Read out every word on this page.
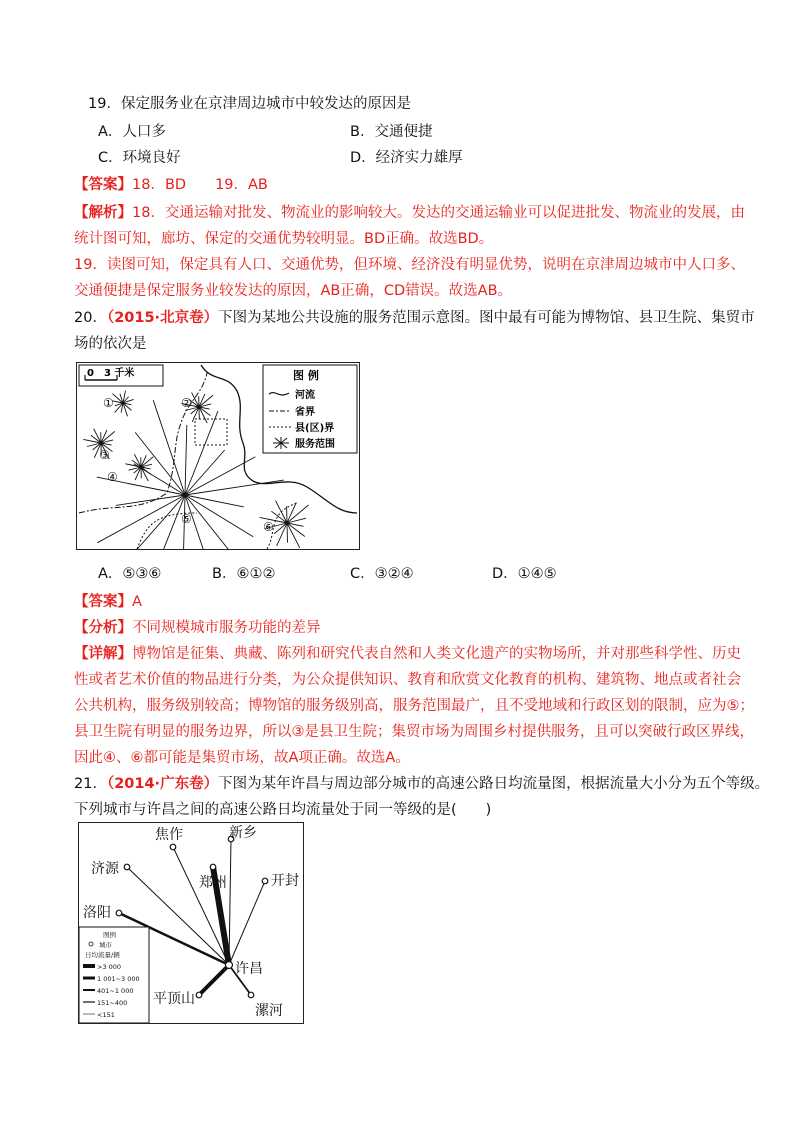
19．保定服务业在京津周边城市中较发达的原因是
A．人口多	B．交通便捷
C．环境良好	D．经济实力雄厚
【答案】18．BD　　19．AB
【解析】18．交通运输对批发、物流业的影响较大。发达的交通运输业可以促进批发、物流业的发展，由
统计图可知，廊坊、保定的交通优势较明显。BD正确。故选BD。
19．读图可知，保定具有人口、交通优势，但环境、经济没有明显优势，说明在京津周边城市中人口多、
交通便捷是保定服务业较发达的原因，AB正确，CD错误。故选AB。
20．（2015·北京卷）下图为某地公共设施的服务范围示意图。图中最有可能为博物馆、县卫生院、集贸市
场的依次是
0　3 千米
①	②
③
④
⑤
⑥
图 例
河流
省界
县(区)界
服务范围
A．⑤③⑥	B．⑥①②	C．③②④	D．①④⑤
【答案】A
【分析】不同规模城市服务功能的差异
【详解】博物馆是征集、典藏、陈列和研究代表自然和人类文化遗产的实物场所，并对那些科学性、历史
性或者艺术价值的物品进行分类，为公众提供知识、教育和欣赏文化教育的机构、建筑物、地点或者社会
公共机构，服务级别较高；博物馆的服务级别高，服务范围最广，且不受地域和行政区划的限制，应为⑤；
县卫生院有明显的服务边界，所以③是县卫生院；集贸市场为周围乡村提供服务，且可以突破行政区界线，
因此④、⑥都可能是集贸市场，故A项正确。故选A。
21．（2014·广东卷）下图为某年许昌与周边部分城市的高速公路日均流量图，根据流量大小分为五个等级。
下列城市与许昌之间的高速公路日均流量处于同一等级的是(　　)
焦作	新乡
济源
郑州	开封
洛阳
许昌
平顶山
漯河
图例
城市
日均流量/辆
>3 000
1 001~3 000
401~1 000
151~400
<151
